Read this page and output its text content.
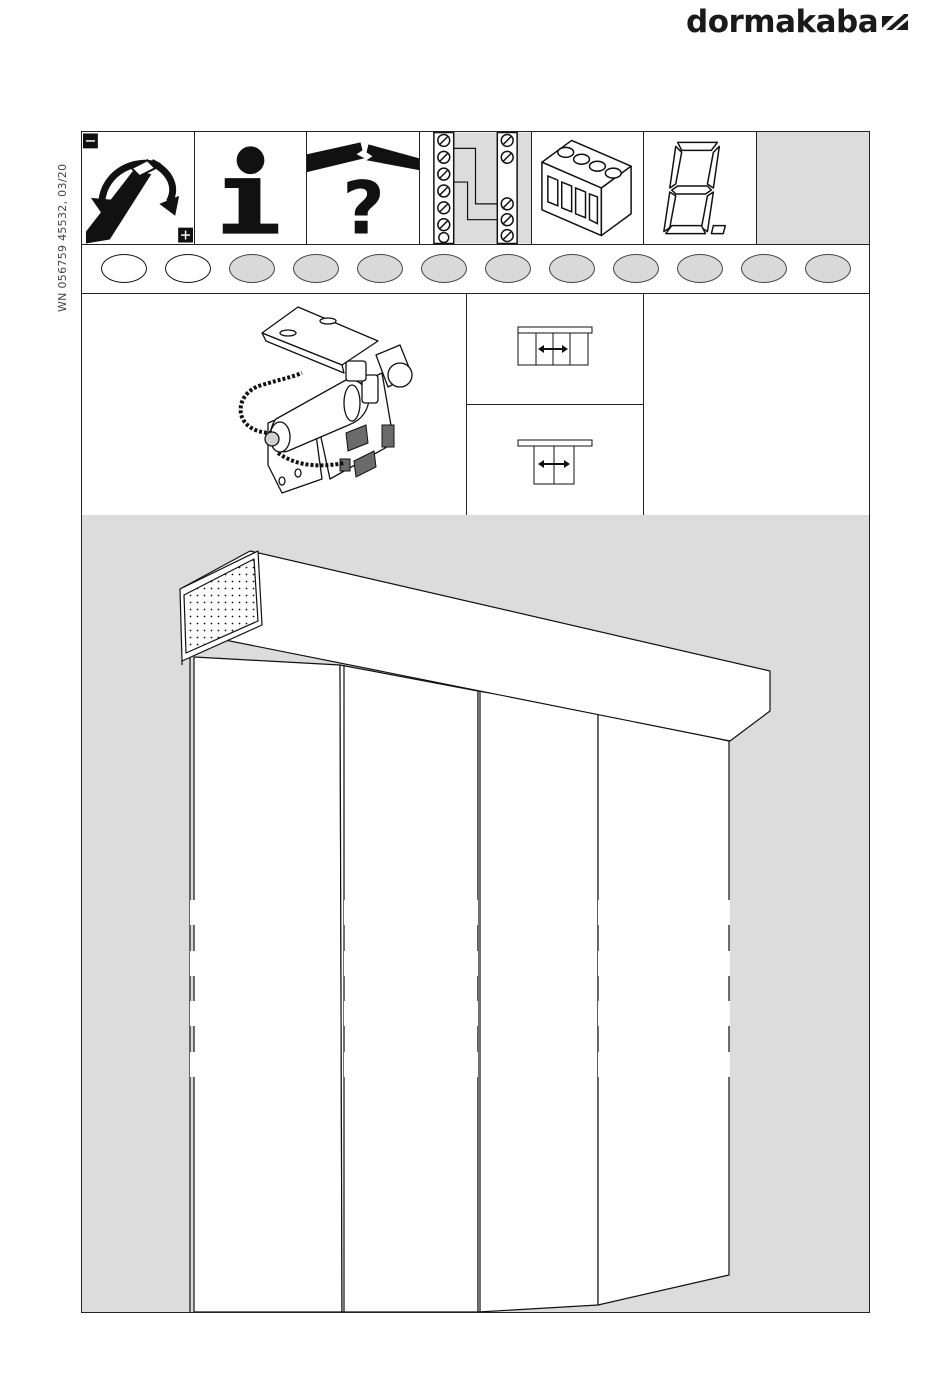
dormakaba
WN 056759 45532, 03/20	?
